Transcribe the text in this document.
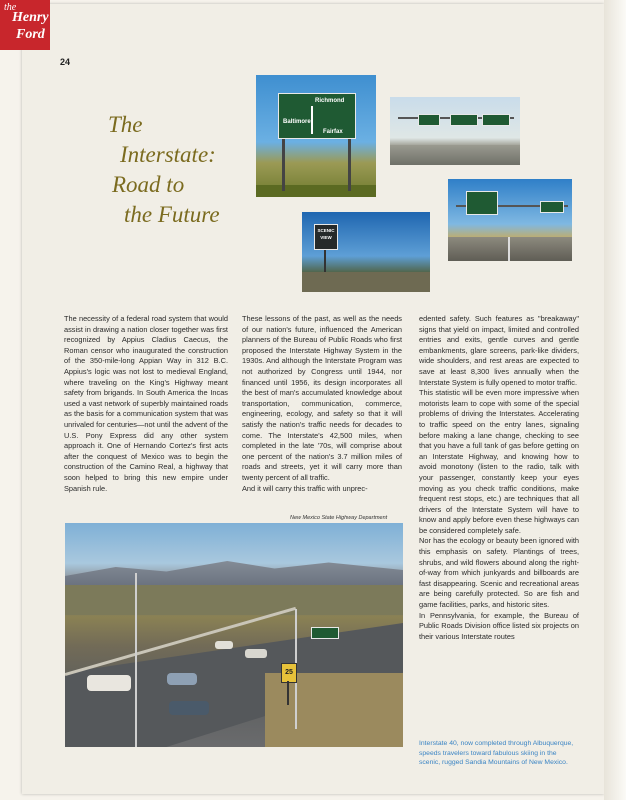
the
Henry
Ford
24
The
Interstate:
Road to
the Future
Richmond
Baltimore
Fairfax
SCENIC VIEW

The necessity of a federal road system that would assist in drawing a nation closer together was first recognized by Appius Cladius Caecus, the Roman censor who inaugurated the construction of the 350-mile-long Appian Way in 312 B.C. Appius's logic was not lost to medieval England, where traveling on the King's Highway meant safety from brigands. In South America the Incas used a vast network of superbly maintained roads as the basis for a communication system that was unrivaled for centuries—not until the advent of the U.S. Pony Express did any other system approach it. One of Hernando Cortez's first acts after the conquest of Mexico was to begin the construction of the Camino Real, a highway that soon helped to bring this new empire under Spanish rule.

These lessons of the past, as well as the needs of our nation's future, influenced the American planners of the Bureau of Public Roads who first proposed the Interstate Highway System in the 1930s. And although the Interstate Program was not authorized by Congress until 1944, nor financed until 1956, its design incorporates all the best of man's accumulated knowledge about transportation, communication, commerce, engineering, ecology, and safety so that it will satisfy the nation's traffic needs for decades to come. The Interstate's 42,500 miles, when completed in the late '70s, will comprise about one percent of the nation's 3.7 million miles of roads and streets, yet it will carry more than twenty percent of all traffic.
And it will carry this traffic with unprec-

edented safety. Such features as "breakaway" signs that yield on impact, limited and controlled entries and exits, gentle curves and gentle embankments, glare screens, park-like dividers, wide shoulders, and rest areas are expected to save at least 8,300 lives annually when the Interstate System is fully opened to motor traffic.
This statistic will be even more impressive when motorists learn to cope with some of the special problems of driving the Interstates. Accelerating to traffic speed on the entry lanes, signaling before making a lane change, checking to see that you have a full tank of gas before getting on an Interstate Highway, and knowing how to avoid monotony (listen to the radio, talk with your passenger, constantly keep your eyes moving as you check traffic conditions, make frequent rest stops, etc.) are techniques that all drivers of the Interstate System will have to know and apply before even these highways can be considered completely safe.
Nor has the ecology or beauty been ignored with this emphasis on safety. Plantings of trees, shrubs, and wild flowers abound along the right-of-way from which junkyards and billboards are fast disappearing. Scenic and recreational areas are being carefully protected. So are fish and game facilities, parks, and historic sites.
In Pennsylvania, for example, the Bureau of Public Roads Division office listed six projects on their various Interstate routes

New Mexico State Highway Department
25

Interstate 40, now completed through Albuquerque, speeds travelers toward fabulous skiing in the scenic, rugged Sandia Mountains of New Mexico.
